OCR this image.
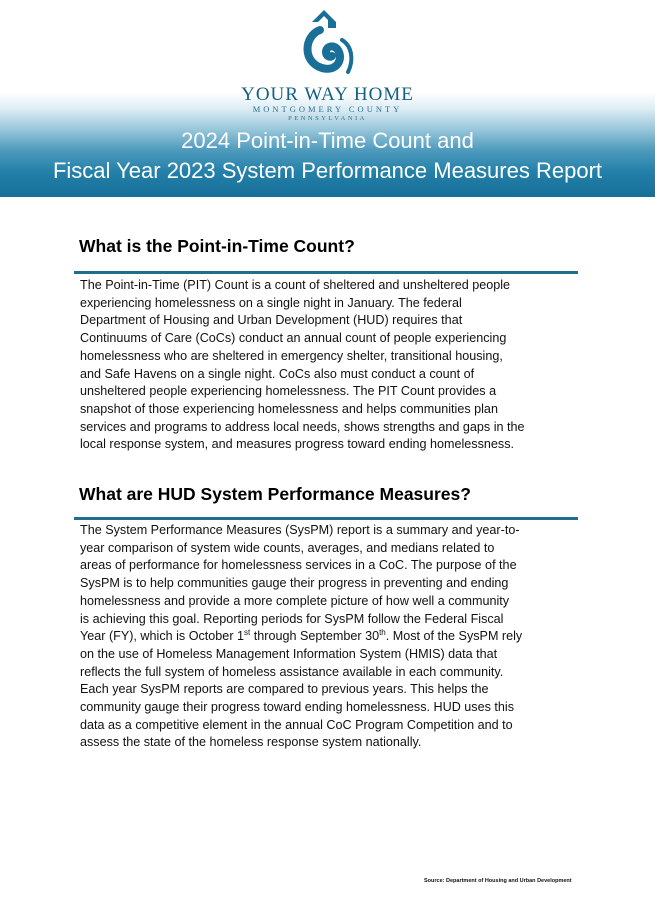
YOUR WAY HOME
MONTGOMERY COUNTY
PENNSYLVANIA
2024 Point-in-Time Count and
Fiscal Year 2023 System Performance Measures Report
What is the Point-in-Time Count?
The Point-in-Time (PIT) Count is a count of sheltered and unsheltered people
experiencing homelessness on a single night in January. The federal
Department of Housing and Urban Development (HUD) requires that
Continuums of Care (CoCs) conduct an annual count of people experiencing
homelessness who are sheltered in emergency shelter, transitional housing,
and Safe Havens on a single night. CoCs also must conduct a count of
unsheltered people experiencing homelessness. The PIT Count provides a
snapshot of those experiencing homelessness and helps communities plan
services and programs to address local needs, shows strengths and gaps in the
local response system, and measures progress toward ending homelessness.
What are HUD System Performance Measures?
The System Performance Measures (SysPM) report is a summary and year-to-
year comparison of system wide counts, averages, and medians related to
areas of performance for homelessness services in a CoC. The purpose of the
SysPM is to help communities gauge their progress in preventing and ending
homelessness and provide a more complete picture of how well a community
is achieving this goal. Reporting periods for SysPM follow the Federal Fiscal
Year (FY), which is October 1st through September 30th. Most of the SysPM rely
on the use of Homeless Management Information System (HMIS) data that
reflects the full system of homeless assistance available in each community.
Each year SysPM reports are compared to previous years. This helps the
community gauge their progress toward ending homelessness. HUD uses this
data as a competitive element in the annual CoC Program Competition and to
assess the state of the homeless response system nationally.
Source: Department of Housing and Urban Development
